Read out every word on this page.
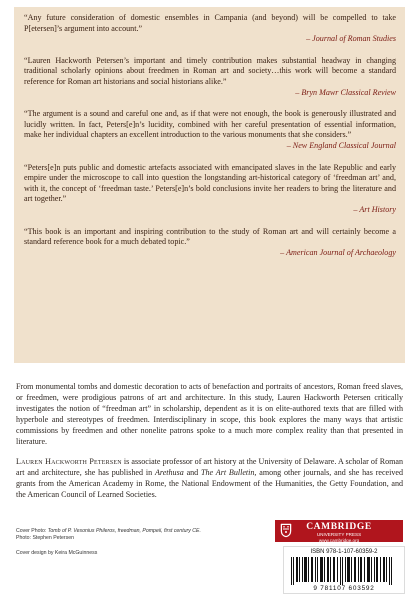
“Any future consideration of domestic ensembles in Campania (and beyond) will be compelled to take P[etersen]’s argument into account.”

– Journal of Roman Studies

“Lauren Hackworth Petersen’s important and timely contribution makes substantial headway in changing traditional scholarly opinions about freedmen in Roman art and society…this work will become a standard reference for Roman art historians and social historians alike.”

– Bryn Mawr Classical Review

“The argument is a sound and careful one and, as if that were not enough, the book is generously illustrated and lucidly written. In fact, Peters[e]n’s lucidity, combined with her careful presentation of essential information, make her individual chapters an excellent introduction to the various monuments that she considers.”

– New England Classical Journal

“Peters[e]n puts public and domestic artefacts associated with emancipated slaves in the late Republic and early empire under the microscope to call into question the longstanding art-historical category of ‘freedman art’ and, with it, the concept of ‘freedman taste.’ Peters[e]n’s bold conclusions invite her readers to bring the literature and art together.”

– Art History

“This book is an important and inspiring contribution to the study of Roman art and will certainly become a standard reference book for a much debated topic.”

– American Journal of Archaeology

From monumental tombs and domestic decoration to acts of benefaction and portraits of ancestors, Roman freed slaves, or freedmen, were prodigious patrons of art and architecture. In this study, Lauren Hackworth Petersen critically investigates the notion of “freedman art” in scholarship, dependent as it is on elite-authored texts that are filled with hyperbole and stereotypes of freedmen. Interdisciplinary in scope, this book explores the many ways that artistic commissions by freedmen and other nonelite patrons spoke to a much more complex reality than that presented in literature.

Lauren Hackworth Petersen is associate professor of art history at the University of Delaware. A scholar of Roman art and architecture, she has published in Arethusa and The Art Bulletin, among other journals, and she has received grants from the American Academy in Rome, the National Endowment of the Humanities, the Getty Foundation, and the American Council of Learned Societies.

Cover Photo: Tomb of P. Vesonius Phileros, freedman, Pompeii, first century CE.

Photo: Stephen Petersen

Cover design by Keira McGuinness

CAMBRIDGE
UNIVERSITY PRESS
www.cambridge.org
ISBN 978-1-107-60359-2
9 781107 603592
